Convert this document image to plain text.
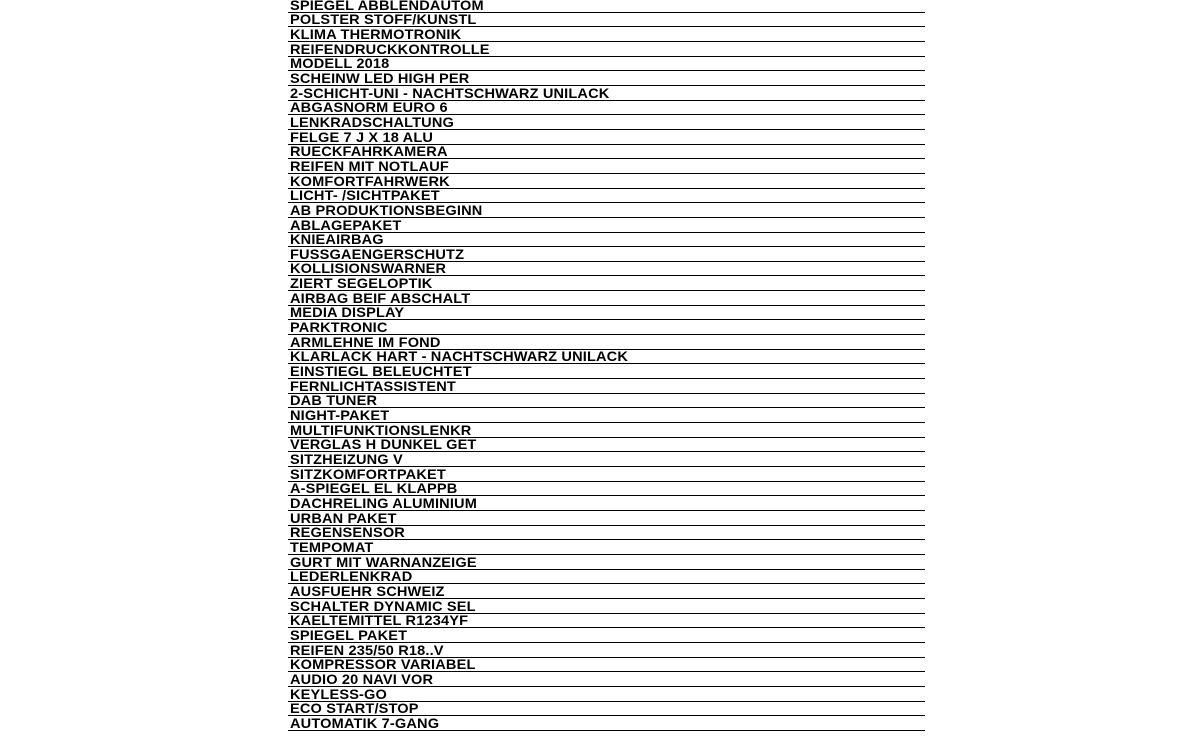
SPIEGEL ABBLENDAUTOM
POLSTER STOFF/KUNSTL
KLIMA THERMOTRONIK
REIFENDRUCKKONTROLLE
MODELL 2018
SCHEINW LED HIGH PER
2-SCHICHT-UNI - NACHTSCHWARZ UNILACK
ABGASNORM EURO 6
LENKRADSCHALTUNG
FELGE 7 J X 18 ALU
RUECKFAHRKAMERA
REIFEN MIT NOTLAUF
KOMFORTFAHRWERK
LICHT- /SICHTPAKET
AB PRODUKTIONSBEGINN
ABLAGEPAKET
KNIEAIRBAG
FUSSGAENGERSCHUTZ
KOLLISIONSWARNER
ZIERT SEGELOPTIK
AIRBAG BEIF ABSCHALT
MEDIA DISPLAY
PARKTRONIC
ARMLEHNE IM FOND
KLARLACK HART - NACHTSCHWARZ UNILACK
EINSTIEGL BELEUCHTET
FERNLICHTASSISTENT
DAB TUNER
NIGHT-PAKET
MULTIFUNKTIONSLENKR
VERGLAS H DUNKEL GET
SITZHEIZUNG V
SITZKOMFORTPAKET
A-SPIEGEL EL KLAPPB
DACHRELING ALUMINIUM
URBAN PAKET
REGENSENSOR
TEMPOMAT
GURT MIT WARNANZEIGE
LEDERLENKRAD
AUSFUEHR SCHWEIZ
SCHALTER DYNAMIC SEL
KAELTEMITTEL R1234YF
SPIEGEL PAKET
REIFEN 235/50 R18..V
KOMPRESSOR VARIABEL
AUDIO 20 NAVI VOR
KEYLESS-GO
ECO START/STOP
AUTOMATIK 7-GANG
